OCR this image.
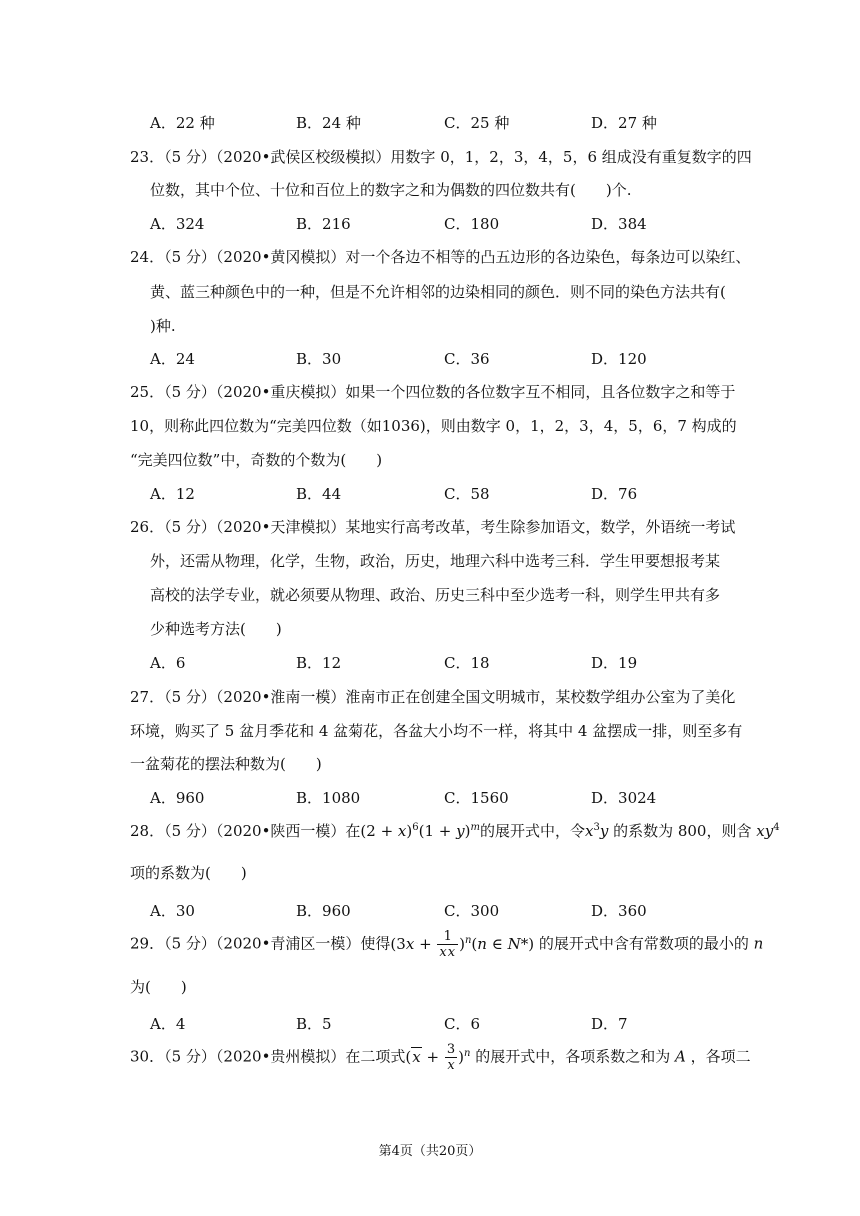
A．22 种	B．24 种	C．25 种	D．27 种
23．（5 分）（2020•武侯区校级模拟）用数字 0，1，2，3，4，5，6 组成没有重复数字的四
位数，其中个位、十位和百位上的数字之和为偶数的四位数共有(　　)个.
A．324	B．216	C．180	D．384
24．（5 分）（2020•黄冈模拟）对一个各边不相等的凸五边形的各边染色，每条边可以染红、
黄、蓝三种颜色中的一种，但是不允许相邻的边染相同的颜色．则不同的染色方法共有(
)种.
A．24	B．30	C．36	D．120
25．（5 分）（2020•重庆模拟）如果一个四位数的各位数字互不相同，且各位数字之和等于
10，则称此四位数为“完美四位数（如1036)，则由数字 0，1，2，3，4，5，6，7 构成的
“完美四位数”中，奇数的个数为(　　)
A．12	B．44	C．58	D．76
26．（5 分）（2020•天津模拟）某地实行高考改革，考生除参加语文，数学，外语统一考试
外，还需从物理，化学，生物，政治，历史，地理六科中选考三科．学生甲要想报考某
高校的法学专业，就必须要从物理、政治、历史三科中至少选考一科，则学生甲共有多
少种选考方法(　　)
A．6	B．12	C．18	D．19
27．（5 分）（2020•淮南一模）淮南市正在创建全国文明城市，某校数学组办公室为了美化
环境，购买了 5 盆月季花和 4 盆菊花，各盆大小均不一样，将其中 4 盆摆成一排，则至多有
一盆菊花的摆法种数为(　　)
A．960	B．1080	C．1560	D．3024
28．（5 分）（2020•陕西一模）在$(2 + x)^6(1 + y)^m$的展开式中，令$x^3y$ 的系数为 800，则含 $xy^4$
项的系数为(　　)
A．30	B．960	C．300	D．360
29．（5 分）（2020•青浦区一模）使得$(3x + \frac{1}{xx} )^n(n$ ∈ N*) 的展开式中含有常数项的最小的 n
为(　　)
A．4	B．5	C．6	D．7
30．（5 分）（2020•贵州模拟）在二项式$(x + \frac{3}{x} )^n$ 的展开式中，各项系数之和为 A ，各项二
第4页（共20页）
